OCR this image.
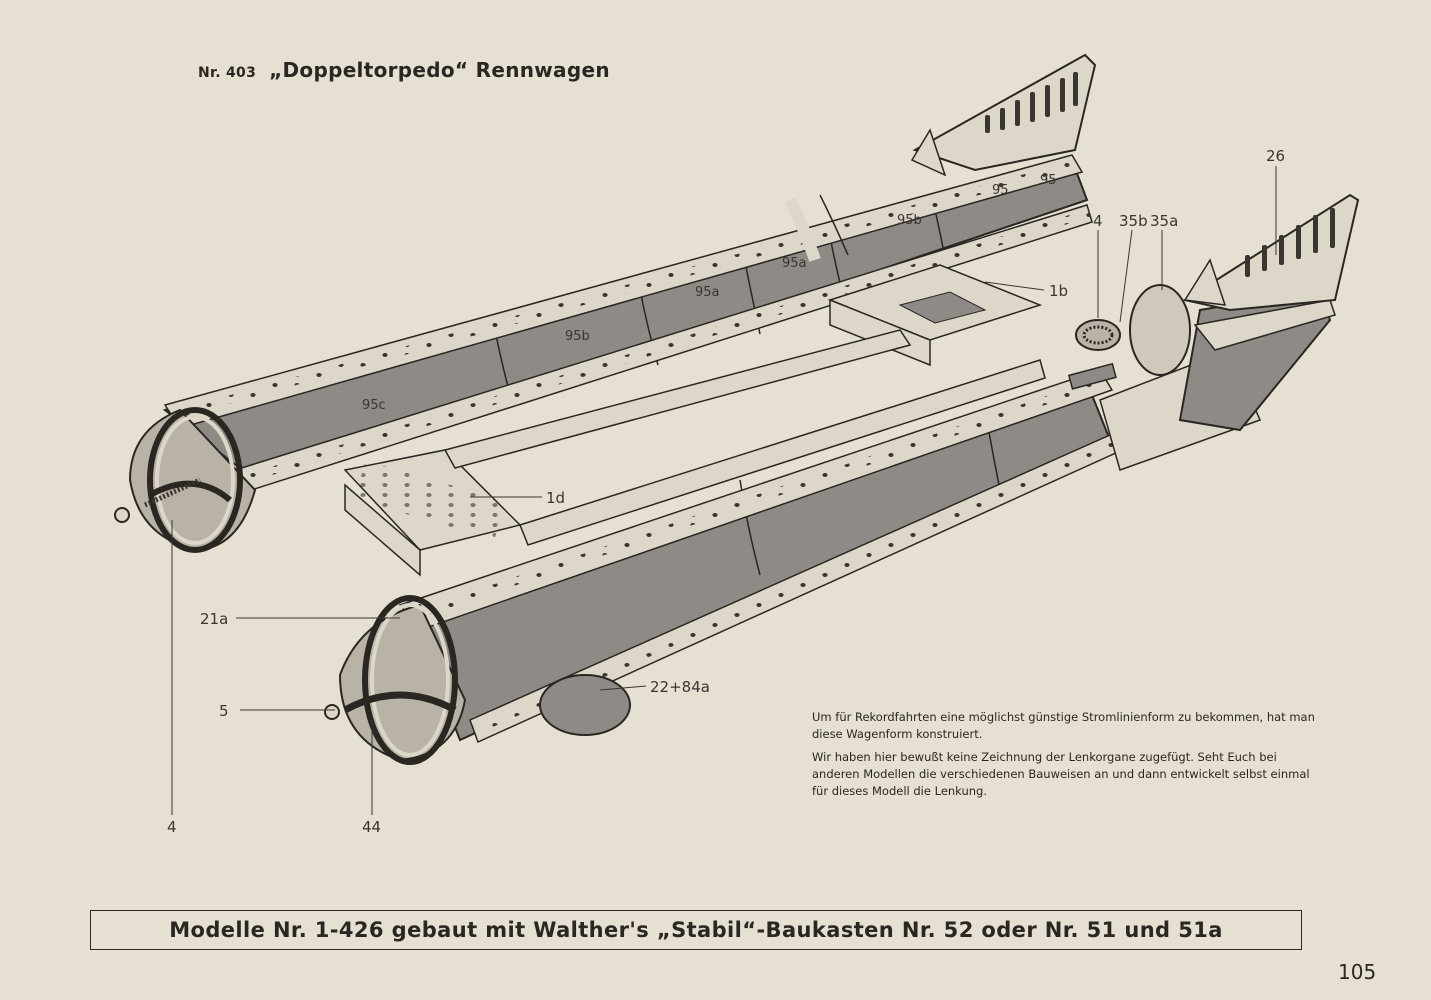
Nr. 403 „Doppeltorpedo“ Rennwagen
95c
95b
95a
95a
95b
95
95
26
4 35b 35a
1b
1d
21a
22+84a
5
4	44

Um für Rekordfahrten eine möglichst günstige Stromlinienform zu bekommen, hat man diese Wagenform konstruiert.

Wir haben hier bewußt keine Zeichnung der Lenkorgane zugefügt. Seht Euch bei anderen Modellen die verschiedenen Bauweisen an und dann entwickelt selbst einmal für dieses Modell die Lenkung.

Modelle Nr. 1-426 gebaut mit Walther's „Stabil“-Baukasten Nr. 52 oder Nr. 51 und 51a
105
